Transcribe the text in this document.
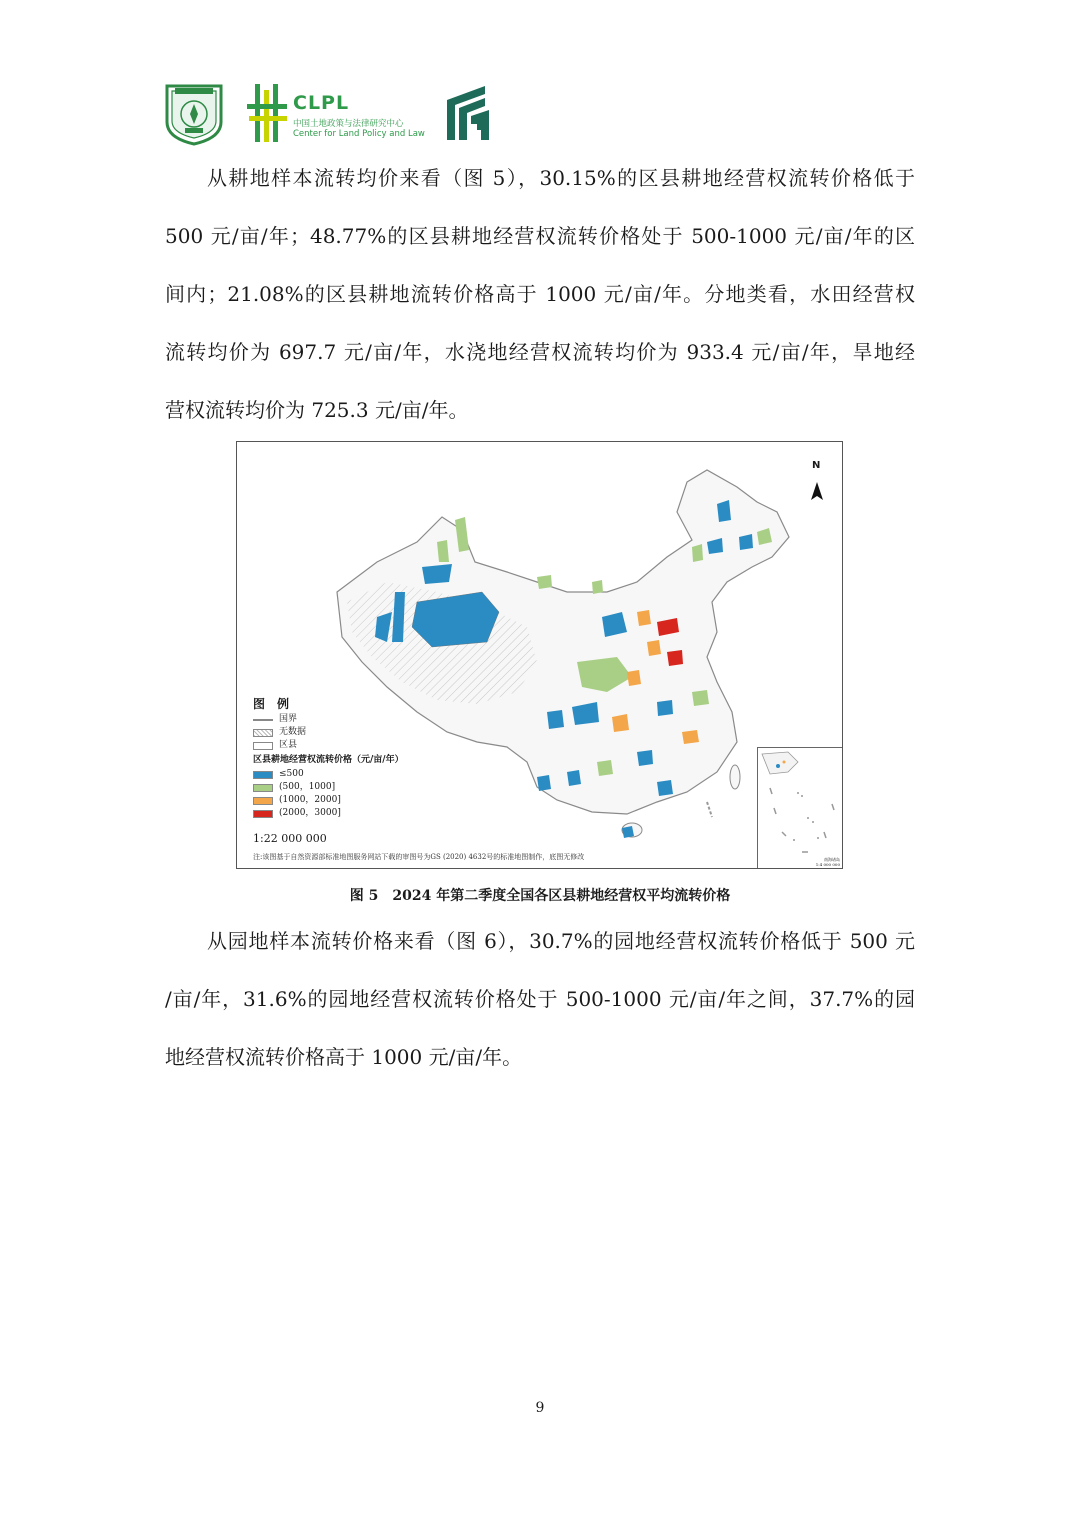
CLPL
中国土地政策与法律研究中心
Center for Land Policy and Law
从耕地样本流转均价来看（图 5），30.15%的区县耕地经营权流转价格低于
500 元/亩/年；48.77%的区县耕地经营权流转价格处于 500-1000 元/亩/年的区
间内；21.08%的区县耕地流转价格高于 1000 元/亩/年。分地类看，水田经营权
流转均价为 697.7 元/亩/年，水浇地经营权流转均价为 933.4 元/亩/年，旱地经
营权流转均价为 725.3 元/亩/年。
N
图　例
国界
无数据
区县
区县耕地经营权流转价格（元/亩/年）
≤500
(500，1000]
(1000，2000]
(2000，3000]
1:22 000 000
注:该图基于自然资源部标准地图服务网站下载的审图号为GS (2020) 4632号的标准地图制作，底图无修改	南海诸岛
1:4 000 000
图 5　2024 年第二季度全国各区县耕地经营权平均流转价格
从园地样本流转价格来看（图 6），30.7%的园地经营权流转价格低于 500 元
/亩/年，31.6%的园地经营权流转价格处于 500-1000 元/亩/年之间，37.7%的园
地经营权流转价格高于 1000 元/亩/年。
9
